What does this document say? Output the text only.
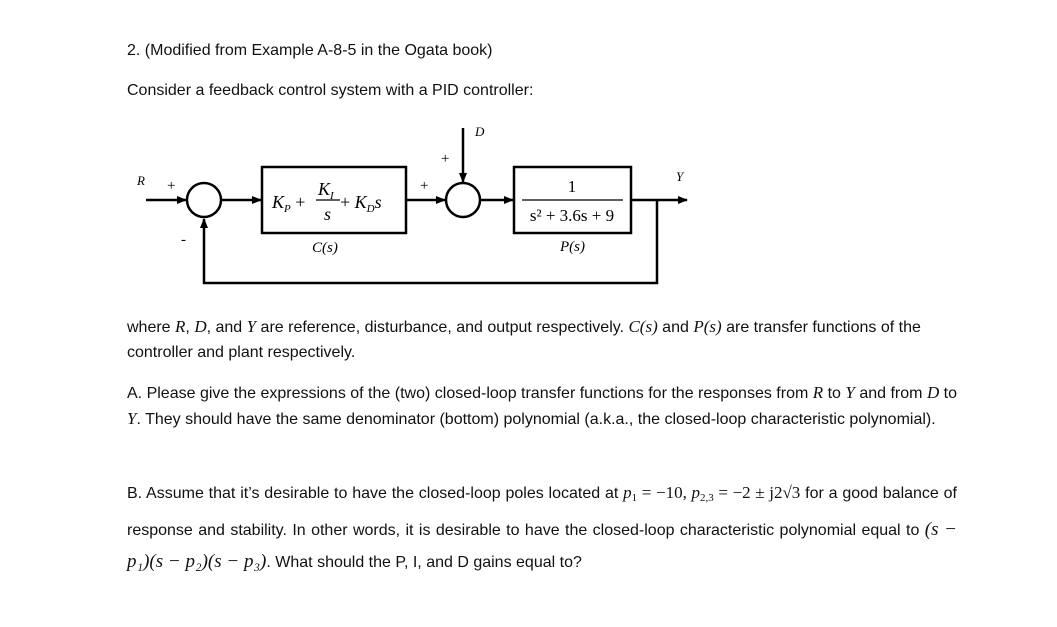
2. (Modified from Example A-8-5 in the Ogata book)
Consider a feedback control system with a PID controller:
R +
-
$K_P$ +
$K_I$
s
+ $K_Ds$
C(s)
+
D
+
1
s² + 3.6s + 9
P(s)
Y
where R, D, and Y are reference, disturbance, and output respectively. C(s) and P(s) are transfer functions of the controller and plant respectively.
A. Please give the expressions of the (two) closed-loop transfer functions for the responses from R to Y and from D to Y. They should have the same denominator (bottom) polynomial (a.k.a., the closed-loop characteristic polynomial).
B. Assume that it’s desirable to have the closed-loop poles located at $p_1 = -10$, $p_{2,3} = -2 \pm j2√3$ for a good balance of response and stability. In other words, it is desirable to have the closed-loop characteristic polynomial equal to (s − p₁)(s − p₂)(s − p₃). What should the P, I, and D gains equal to?
